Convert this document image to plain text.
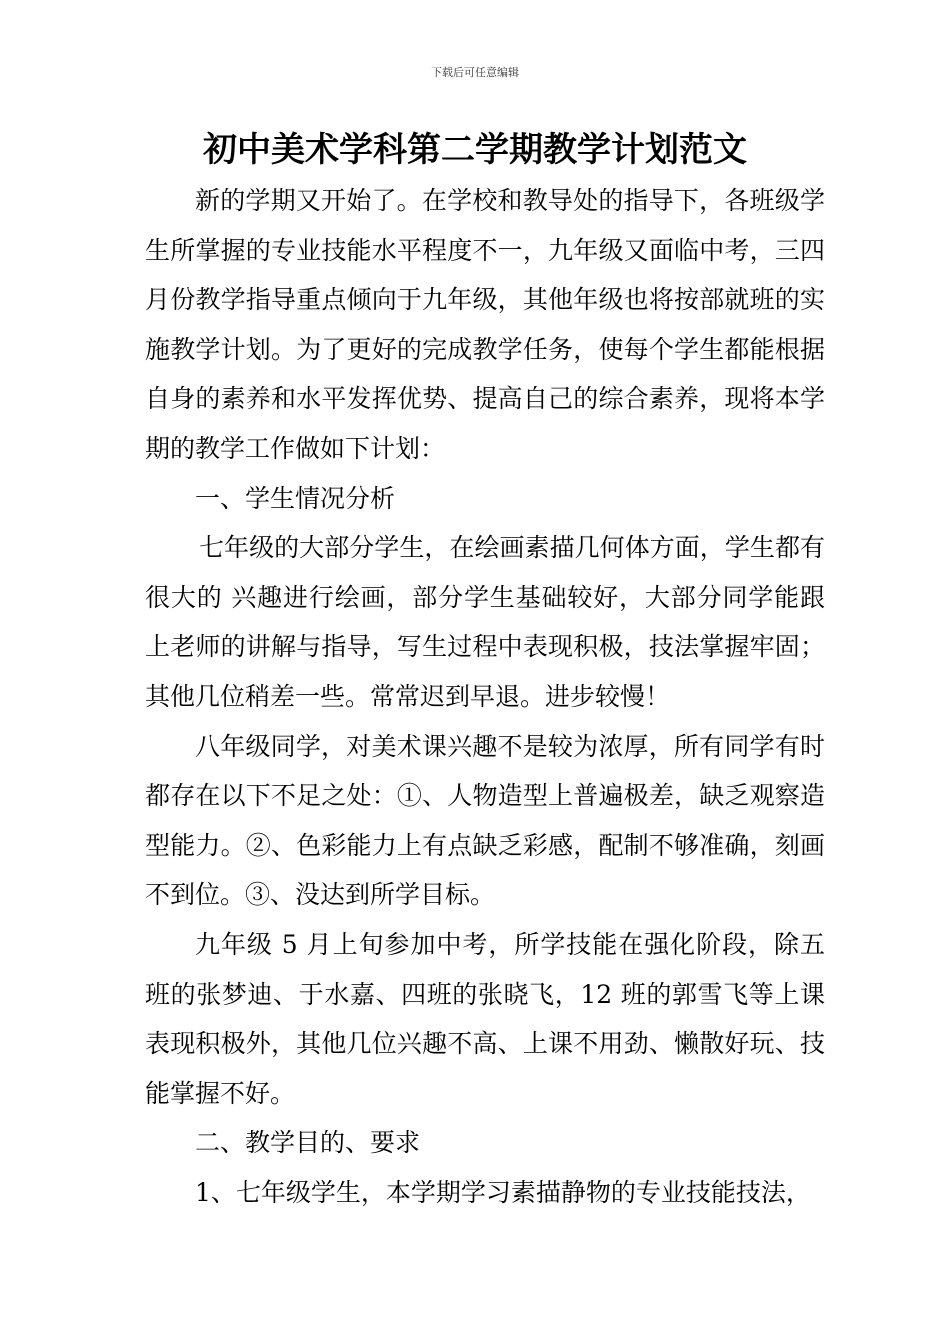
下载后可任意编辑
初中美术学科第二学期教学计划范文

新的学期又开始了。在学校和教导处的指导下，各班级学生所掌握的专业技能水平程度不一，九年级又面临中考，三四月份教学指导重点倾向于九年级，其他年级也将按部就班的实施教学计划。为了更好的完成教学任务，使每个学生都能根据自身的素养和水平发挥优势、提高自己的综合素养，现将本学期的教学工作做如下计划：

一、学生情况分析

七年级的大部分学生，在绘画素描几何体方面，学生都有很大的 兴趣进行绘画，部分学生基础较好，大部分同学能跟上老师的讲解与指导，写生过程中表现积极，技法掌握牢固；其他几位稍差一些。常常迟到早退。进步较慢！

八年级同学，对美术课兴趣不是较为浓厚，所有同学有时都存在以下不足之处：①、人物造型上普遍极差，缺乏观察造型能力。②、色彩能力上有点缺乏彩感，配制不够准确，刻画不到位。③、没达到所学目标。

九年级 5 月上旬参加中考，所学技能在强化阶段，除五班的张梦迪、于水嘉、四班的张晓飞，12 班的郭雪飞等上课表现积极外，其他几位兴趣不高、上课不用劲、懒散好玩、技能掌握不好。

二、教学目的、要求

1、七年级学生，本学期学习素描静物的专业技能技法，
